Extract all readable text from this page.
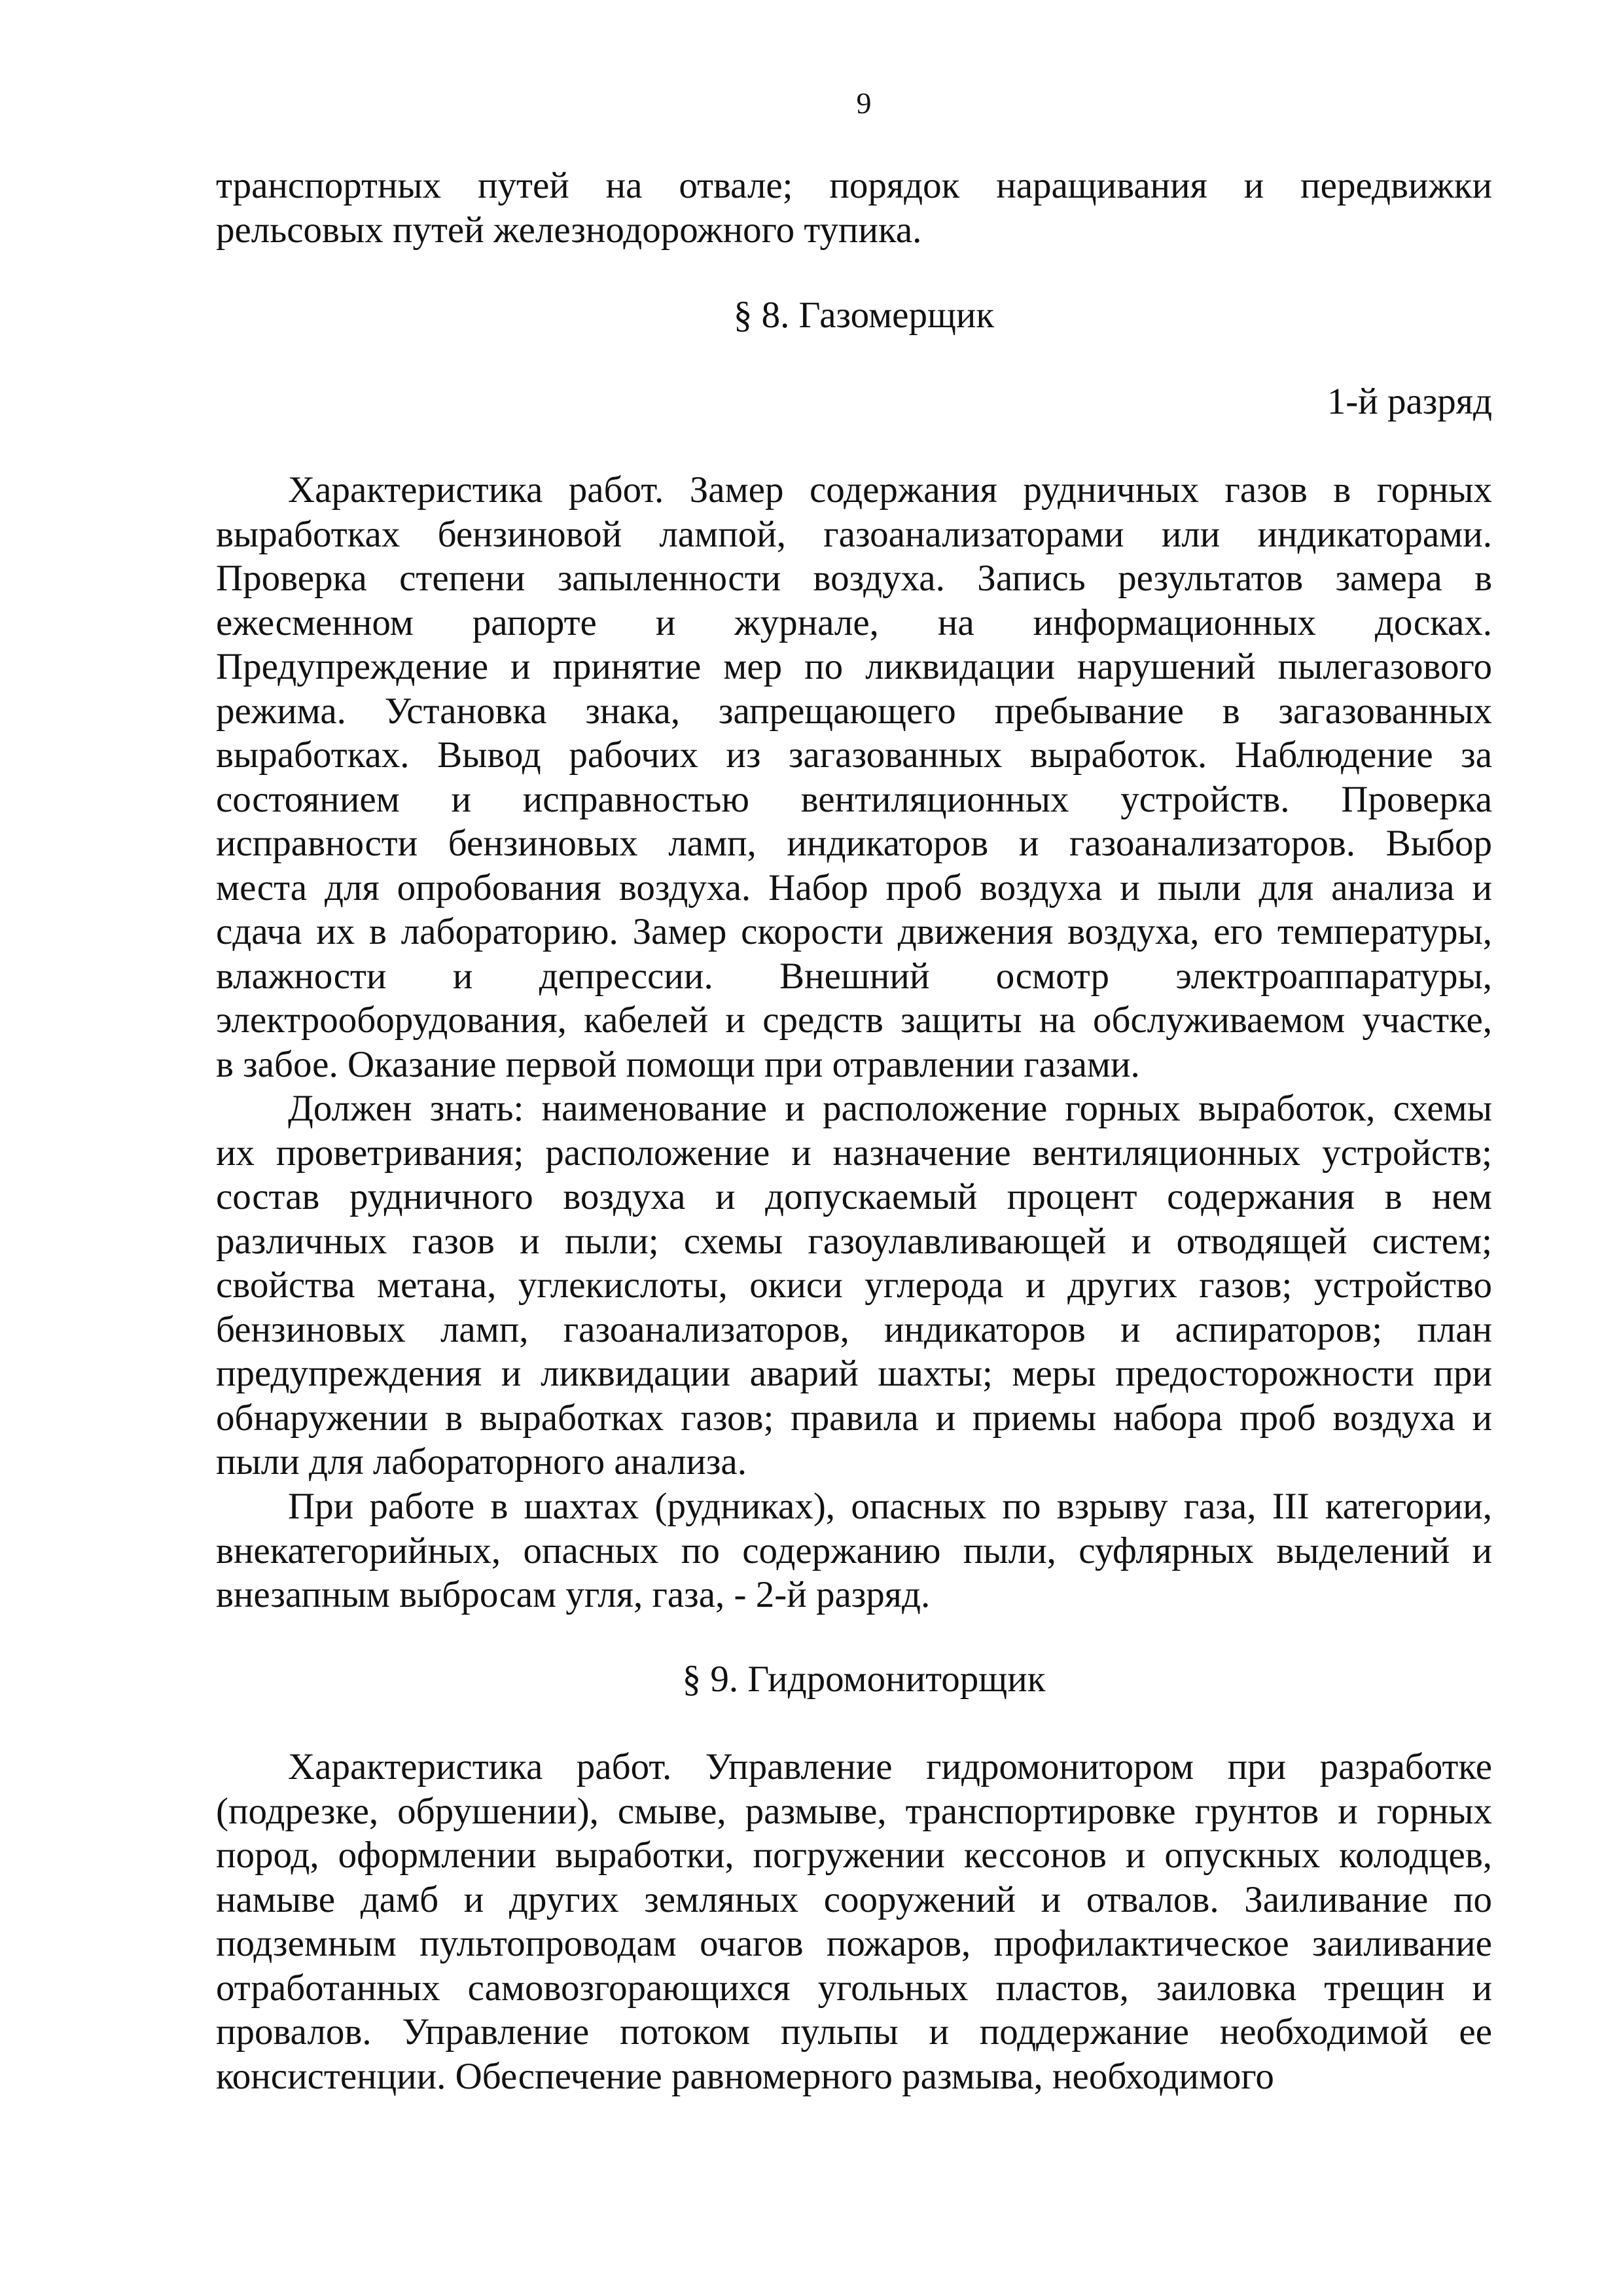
9
транспортных путей на отвале; порядок наращивания и передвижки
рельсовых путей железнодорожного тупика.
§ 8. Газомерщик
1-й разряд
Характеристика работ. Замер содержания рудничных газов в горных
выработках бензиновой лампой, газоанализаторами или индикаторами.
Проверка степени запыленности воздуха. Запись результатов замера в
ежесменном рапорте и журнале, на информационных досках.
Предупреждение и принятие мер по ликвидации нарушений пылегазового
режима. Установка знака, запрещающего пребывание в загазованных
выработках. Вывод рабочих из загазованных выработок. Наблюдение за
состоянием и исправностью вентиляционных устройств. Проверка
исправности бензиновых ламп, индикаторов и газоанализаторов. Выбор
места для опробования воздуха. Набор проб воздуха и пыли для анализа и
сдача их в лабораторию. Замер скорости движения воздуха, его температуры,
влажности и депрессии. Внешний осмотр электроаппаратуры,
электрооборудования, кабелей и средств защиты на обслуживаемом участке,
в забое. Оказание первой помощи при отравлении газами.
Должен знать: наименование и расположение горных выработок, схемы
их проветривания; расположение и назначение вентиляционных устройств;
состав рудничного воздуха и допускаемый процент содержания в нем
различных газов и пыли; схемы газоулавливающей и отводящей систем;
свойства метана, углекислоты, окиси углерода и других газов; устройство
бензиновых ламп, газоанализаторов, индикаторов и аспираторов; план
предупреждения и ликвидации аварий шахты; меры предосторожности при
обнаружении в выработках газов; правила и приемы набора проб воздуха и
пыли для лабораторного анализа.
При работе в шахтах (рудниках), опасных по взрыву газа, III категории,
внекатегорийных, опасных по содержанию пыли, суфлярных выделений и
внезапным выбросам угля, газа, - 2-й разряд.
§ 9. Гидромониторщик
Характеристика работ. Управление гидромонитором при разработке
(подрезке, обрушении), смыве, размыве, транспортировке грунтов и горных
пород, оформлении выработки, погружении кессонов и опускных колодцев,
намыве дамб и других земляных сооружений и отвалов. Заиливание по
подземным пультопроводам очагов пожаров, профилактическое заиливание
отработанных самовозгорающихся угольных пластов, заиловка трещин и
провалов. Управление потоком пульпы и поддержание необходимой ее
консистенции. Обеспечение равномерного размыва, необходимого
